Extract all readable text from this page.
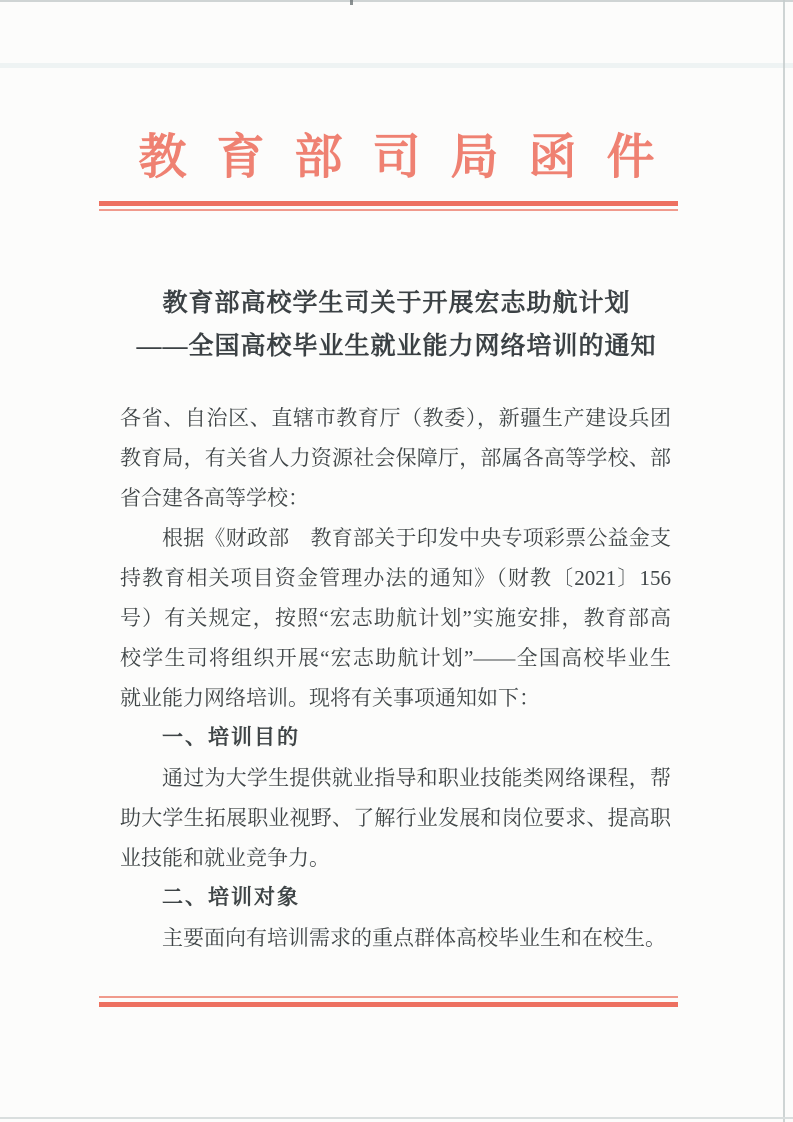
教育部司局函件
教育部高校学生司关于开展宏志助航计划
——全国高校毕业生就业能力网络培训的通知
各省、自治区、直辖市教育厅（教委），新疆生产建设兵团
教育局，有关省人力资源社会保障厅，部属各高等学校、部
省合建各高等学校：
根据《财政部　教育部关于印发中央专项彩票公益金支
持教育相关项目资金管理办法的通知》（财教〔2021〕156
号）有关规定，按照“宏志助航计划”实施安排，教育部高
校学生司将组织开展“宏志助航计划”——全国高校毕业生
就业能力网络培训。现将有关事项通知如下：
一、培训目的
通过为大学生提供就业指导和职业技能类网络课程，帮
助大学生拓展职业视野、了解行业发展和岗位要求、提高职
业技能和就业竞争力。
二、培训对象
主要面向有培训需求的重点群体高校毕业生和在校生。
